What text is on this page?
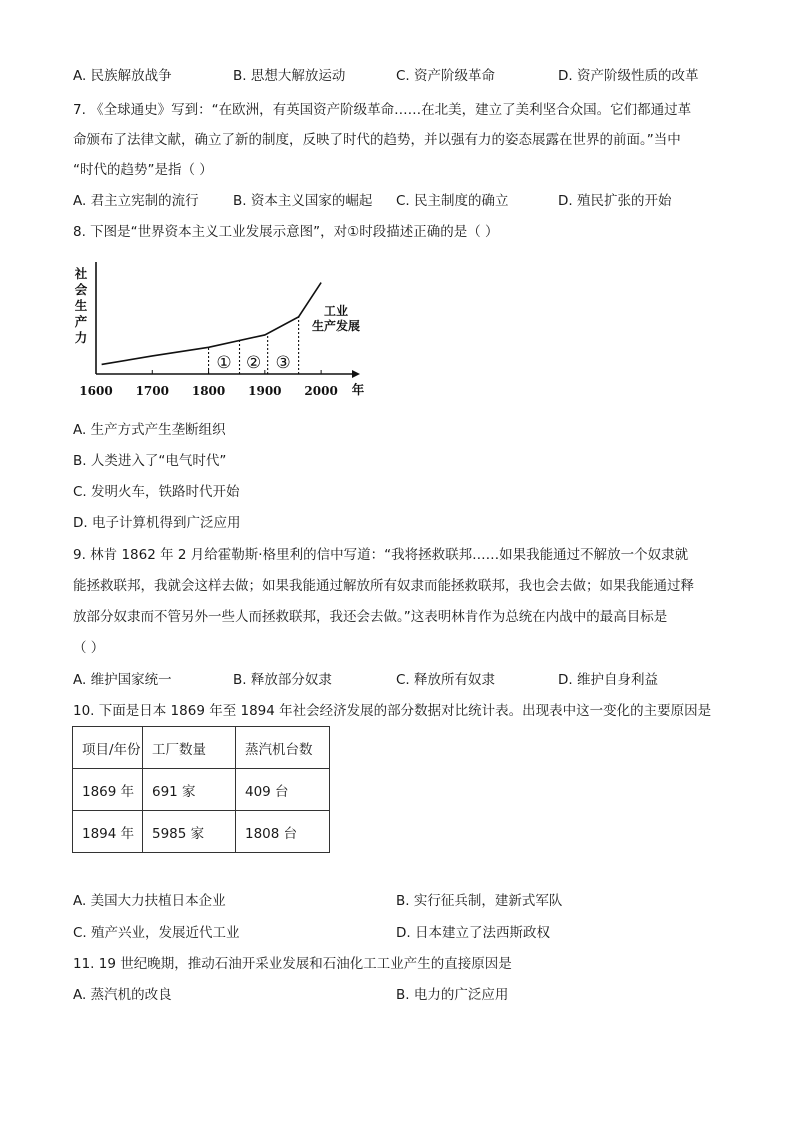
A. 民族解放战争	B. 思想大解放运动	C. 资产阶级革命	D. 资产阶级性质的改革
7. 《全球通史》写到：“在欧洲，有英国资产阶级革命……在北美，建立了美利坚合众国。它们都通过革
命颁布了法律文献，确立了新的制度，反映了时代的趋势，并以强有力的姿态展露在世界的前面。”当中
“时代的趋势”是指（ ）
A. 君主立宪制的流行	B. 资本主义国家的崛起 C. 民主制度的确立	D. 殖民扩张的开始
8. 下图是“世界资本主义工业发展示意图”，对①时段描述正确的是（ ）
社
会
生
产
力
年
1600 1700 1800 1900 2000
工业
生产发展
① ② ③
A. 生产方式产生垄断组织
B. 人类进入了“电气时代”
C. 发明火车，铁路时代开始
D. 电子计算机得到广泛应用
9. 林肯 1862 年 2 月给霍勒斯·格里利的信中写道：“我将拯救联邦……如果我能通过不解放一个奴隶就
能拯救联邦，我就会这样去做；如果我能通过解放所有奴隶而能拯救联邦，我也会去做；如果我能通过释
放部分奴隶而不管另外一些人而拯救联邦，我还会去做。”这表明林肯作为总统在内战中的最高目标是
（ ）
A. 维护国家统一	B. 释放部分奴隶	C. 释放所有奴隶	D. 维护自身利益
10. 下面是日本 1869 年至 1894 年社会经济发展的部分数据对比统计表。出现表中这一变化的主要原因是
项目/年份	工厂数量	蒸汽机台数
1869 年	691 家	409 台
1894 年	5985 家	1808 台
A. 美国大力扶植日本企业	B. 实行征兵制，建新式军队
C. 殖产兴业，发展近代工业	D. 日本建立了法西斯政权
11. 19 世纪晚期，推动石油开采业发展和石油化工工业产生的直接原因是
A. 蒸汽机的改良	B. 电力的广泛应用
